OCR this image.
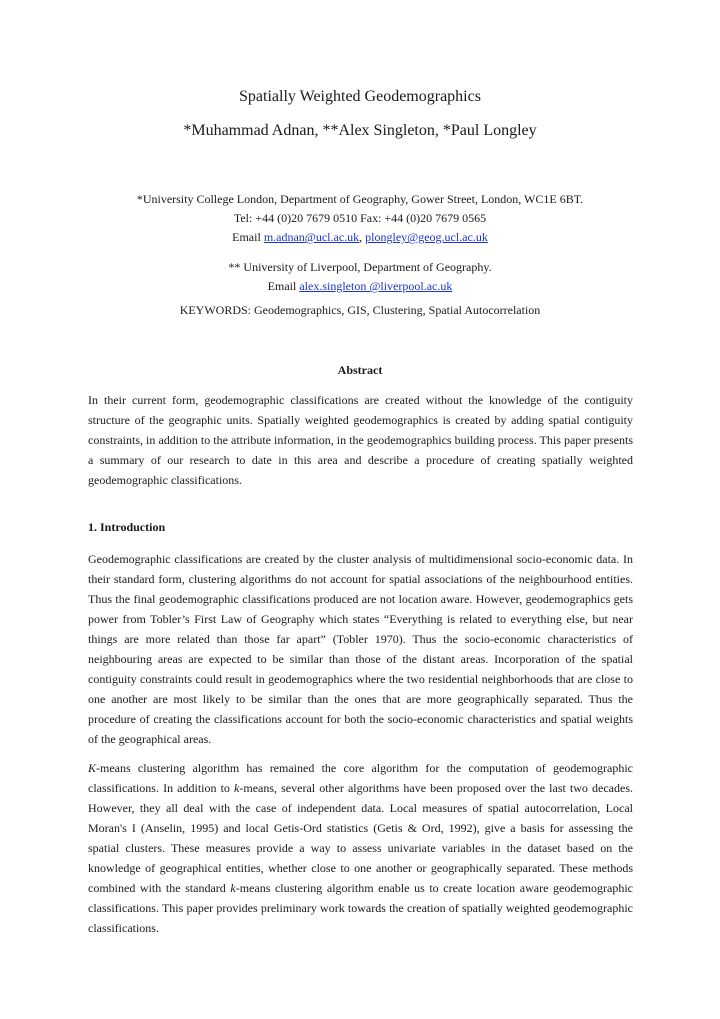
Spatially Weighted Geodemographics
*Muhammad Adnan, **Alex Singleton, *Paul Longley
*University College London, Department of Geography, Gower Street, London, WC1E 6BT.
Tel: +44 (0)20 7679 0510 Fax: +44 (0)20 7679 0565
Email m.adnan@ucl.ac.uk, plongley@geog.ucl.ac.uk
** University of Liverpool, Department of Geography.
Email alex.singleton @liverpool.ac.uk
KEYWORDS: Geodemographics, GIS, Clustering, Spatial Autocorrelation
Abstract
In their current form, geodemographic classifications are created without the knowledge of the contiguity structure of the geographic units. Spatially weighted geodemographics is created by adding spatial contiguity constraints, in addition to the attribute information, in the geodemographics building process. This paper presents a summary of our research to date in this area and describe a procedure of creating spatially weighted geodemographic classifications.
1. Introduction
Geodemographic classifications are created by the cluster analysis of multidimensional socio-economic data. In their standard form, clustering algorithms do not account for spatial associations of the neighbourhood entities. Thus the final geodemographic classifications produced are not location aware. However, geodemographics gets power from Tobler’s First Law of Geography which states “Everything is related to everything else, but near things are more related than those far apart” (Tobler 1970). Thus the socio-economic characteristics of neighbouring areas are expected to be similar than those of the distant areas. Incorporation of the spatial contiguity constraints could result in geodemographics where the two residential neighborhoods that are close to one another are most likely to be similar than the ones that are more geographically separated. Thus the procedure of creating the classifications account for both the socio-economic characteristics and spatial weights of the geographical areas.
K-means clustering algorithm has remained the core algorithm for the computation of geodemographic classifications. In addition to k-means, several other algorithms have been proposed over the last two decades. However, they all deal with the case of independent data. Local measures of spatial autocorrelation, Local Moran's I (Anselin, 1995) and local Getis-Ord statistics (Getis & Ord, 1992), give a basis for assessing the spatial clusters. These measures provide a way to assess univariate variables in the dataset based on the knowledge of geographical entities, whether close to one another or geographically separated. These methods combined with the standard k-means clustering algorithm enable us to create location aware geodemographic classifications. This paper provides preliminary work towards the creation of spatially weighted geodemographic classifications.
